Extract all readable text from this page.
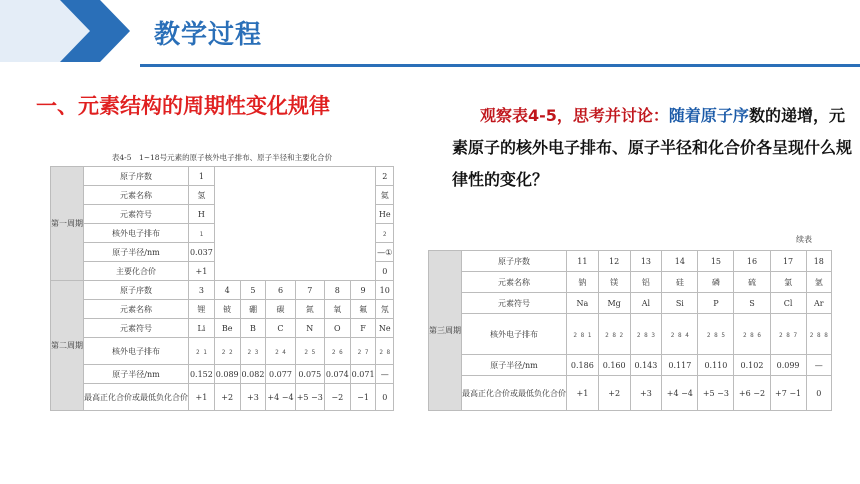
教学过程
一、元素结构的周期性变化规律	观察表4-5，思考并讨论：随着原子序数的递增，元素原子的核外电子排布、原子半径和化合价各呈现什么规律性的变化？
表4-5　1~18号元素的原子核外电子排布、原子半径和主要化合价
第一周期	原子序数	1							2
	元素名称	氢							氦
	元素符号	H							He
	核外电子排布	1							2
	原子半径/nm	0.037							—①
	主要化合价	+1							0
第二周期	原子序数	3	4	5	6	7	8	9	10
	元素名称	锂	铍	硼	碳	氮	氧	氟	氖
	元素符号	Li	Be	B	C	N	O	F	Ne
	核外电子排布	2 1	2 2	2 3	2 4	2 5	2 6	2 7	2 8
	原子半径/nm	0.152	0.089	0.082	0.077	0.075	0.074	0.071	—
	最高正化合价或最低负化合价	+1	+2	+3	+4 −4	+5 −3	−2	−1	0
续表
第三周期	原子序数	11	12	13	14	15	16	17	18
	元素名称	钠	镁	铝	硅	磷	硫	氯	氩
	元素符号	Na	Mg	Al	Si	P	S	Cl	Ar
	核外电子排布	2 8 1	2 8 2	2 8 3	2 8 4	2 8 5	2 8 6	2 8 7	2 8 8
	原子半径/nm	0.186	0.160	0.143	0.117	0.110	0.102	0.099	—
	最高正化合价或最低负化合价	+1	+2	+3	+4 −4	+5 −3	+6 −2	+7 −1	0
